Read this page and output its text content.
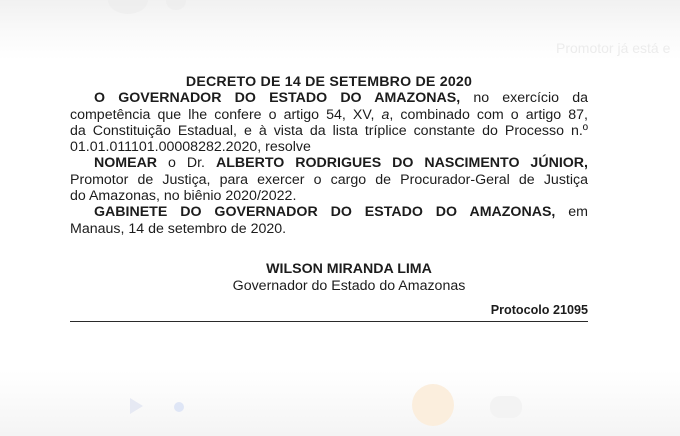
Promotor já está e
DECRETO DE 14 DE SETEMBRO DE 2020
O GOVERNADOR DO ESTADO DO AMAZONAS, no exercício da
competência que lhe confere o artigo 54, XV, a, combinado com o artigo 87,
da Constituição Estadual, e à vista da lista tríplice constante do Processo n.º
01.01.011101.00008282.2020, resolve
NOMEAR o Dr. ALBERTO RODRIGUES DO NASCIMENTO JÚNIOR,
Promotor de Justiça, para exercer o cargo de Procurador-Geral de Justiça
do Amazonas, no biênio 2020/2022.
GABINETE DO GOVERNADOR DO ESTADO DO AMAZONAS, em
Manaus, 14 de setembro de 2020.
WILSON MIRANDA LIMA
Governador do Estado do Amazonas
Protocolo 21095
